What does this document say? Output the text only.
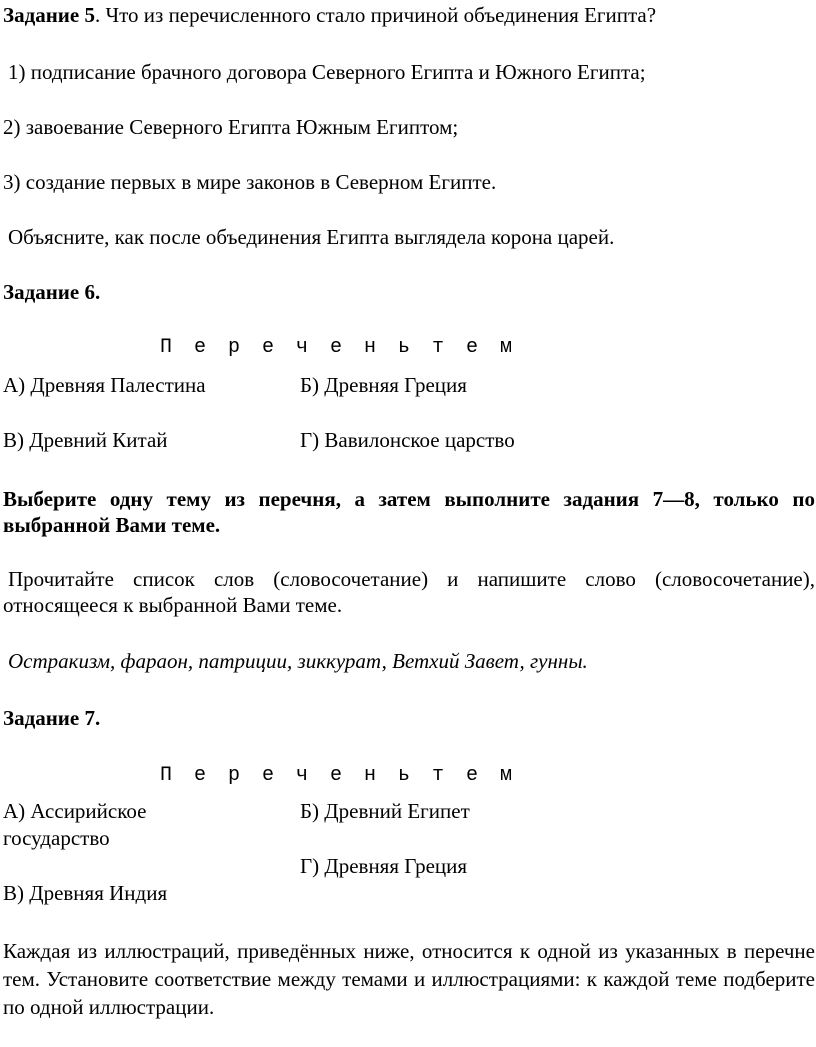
Задание 5. Что из перечисленного стало причиной объединения Египта?
1) подписание брачного договора Северного Египта и Южного Египта;
2) завоевание Северного Египта Южным Египтом;
3) создание первых в мире законов в Северном Египте.
Объясните, как после объединения Египта выглядела корона царей.
Задание 6.
П е р е ч е н ь т е м
А) Древняя Палестина	Б) Древняя Греция
В) Древний Китай	Г) Вавилонское царство
Выберите одну тему из перечня, а затем выполните задания 7—8, только по выбранной Вами теме.
Прочитайте список слов (словосочетание) и напишите слово (словосочетание), относящееся к выбранной Вами теме.
Остракизм, фараон, патриции, зиккурат, Ветхий Завет, гунны.
Задание 7.
П е р е ч е н ь т е м
А) Ассирийское
государство
Б) Древний Египет
Г) Древняя Греция
В) Древняя Индия
Каждая из иллюстраций, приведённых ниже, относится к одной из указанных в перечне тем. Установите соответствие между темами и иллюстрациями: к каждой теме подберите по одной иллюстрации.
